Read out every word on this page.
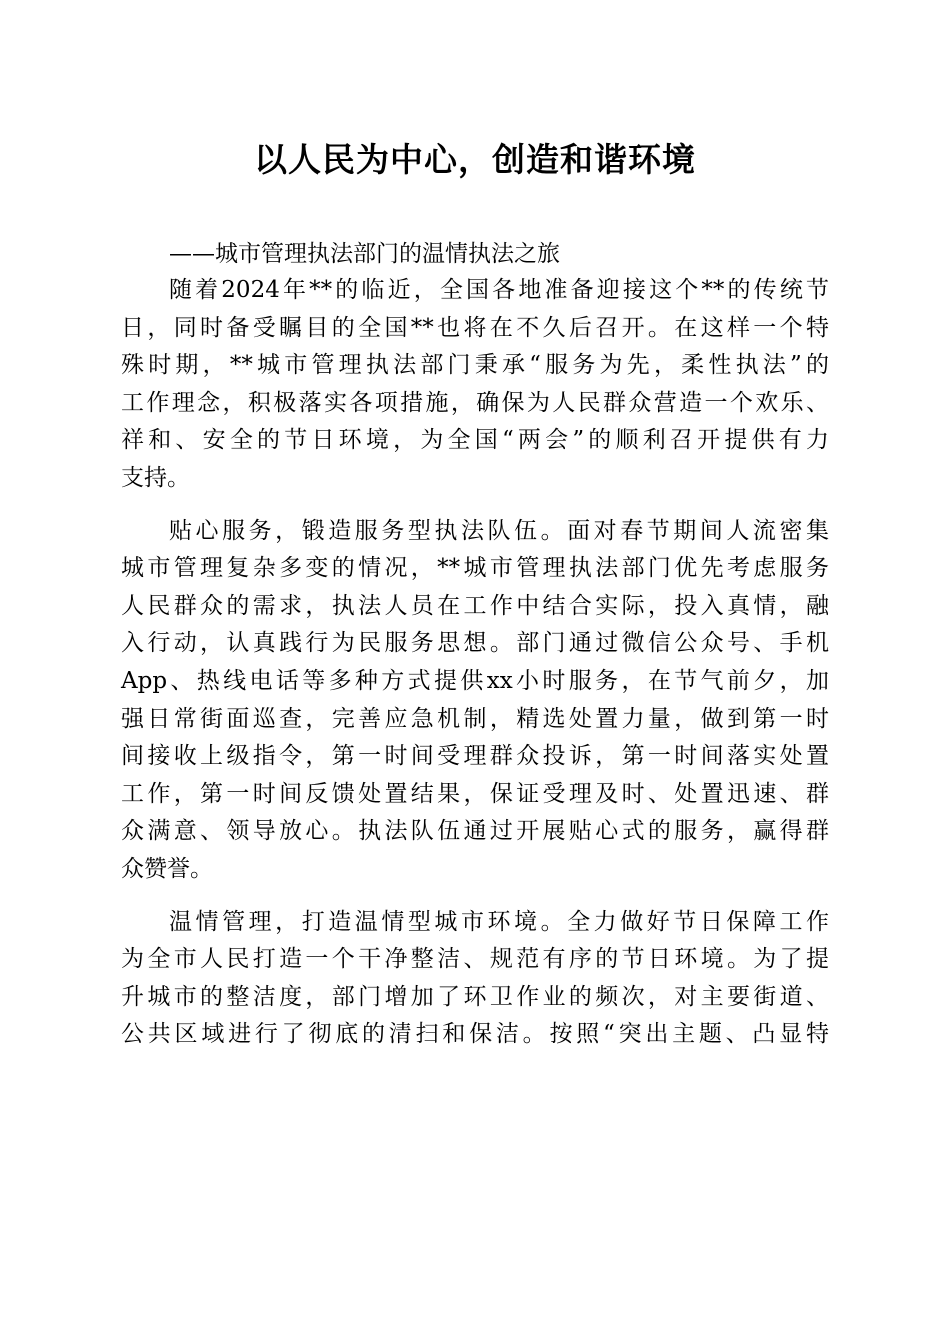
以人民为中心，创造和谐环境

——城市管理执法部门的温情执法之旅

随着2024年**的临近，全国各地准备迎接这个**的传统节
日，同时备受瞩目的全国**也将在不久后召开。在这样一个特
殊时期，**城市管理执法部门秉承“服务为先，柔性执法”的
工作理念，积极落实各项措施，确保为人民群众营造一个欢乐、
祥和、安全的节日环境，为全国“两会”的顺利召开提供有力
支持。
贴心服务，锻造服务型执法队伍。面对春节期间人流密集
城市管理复杂多变的情况，**城市管理执法部门优先考虑服务
人民群众的需求，执法人员在工作中结合实际，投入真情，融
入行动，认真践行为民服务思想。部门通过微信公众号、手机
App、热线电话等多种方式提供xx小时服务，在节气前夕，加
强日常街面巡查，完善应急机制，精选处置力量，做到第一时
间接收上级指令，第一时间受理群众投诉，第一时间落实处置
工作，第一时间反馈处置结果，保证受理及时、处置迅速、群
众满意、领导放心。执法队伍通过开展贴心式的服务，赢得群
众赞誉。
温情管理，打造温情型城市环境。全力做好节日保障工作
为全市人民打造一个干净整洁、规范有序的节日环境。为了提
升城市的整洁度，部门增加了环卫作业的频次，对主要街道、
公共区域进行了彻底的清扫和保洁。按照“突出主题、凸显特
